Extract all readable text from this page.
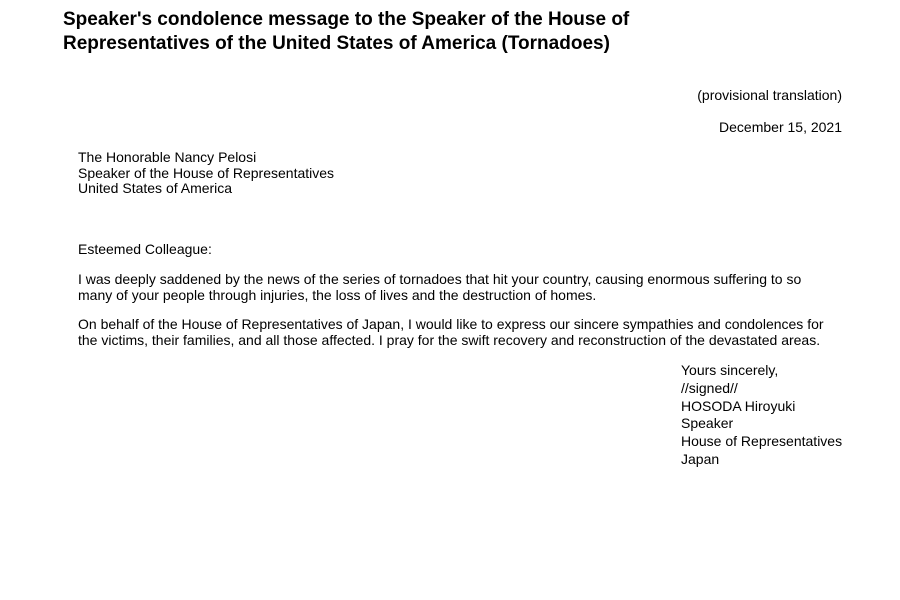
Speaker's condolence message to the Speaker of the House of
Representatives of the United States of America (Tornadoes)
(provisional translation)
December 15, 2021
The Honorable Nancy Pelosi
Speaker of the House of Representatives
United States of America
Esteemed Colleague:
I was deeply saddened by the news of the series of tornadoes that hit your country, causing enormous suffering to so
many of your people through injuries, the loss of lives and the destruction of homes.
On behalf of the House of Representatives of Japan, I would like to express our sincere sympathies and condolences for
the victims, their families, and all those affected. I pray for the swift recovery and reconstruction of the devastated areas.
Yours sincerely,
//signed//
HOSODA Hiroyuki
Speaker
House of Representatives
Japan
